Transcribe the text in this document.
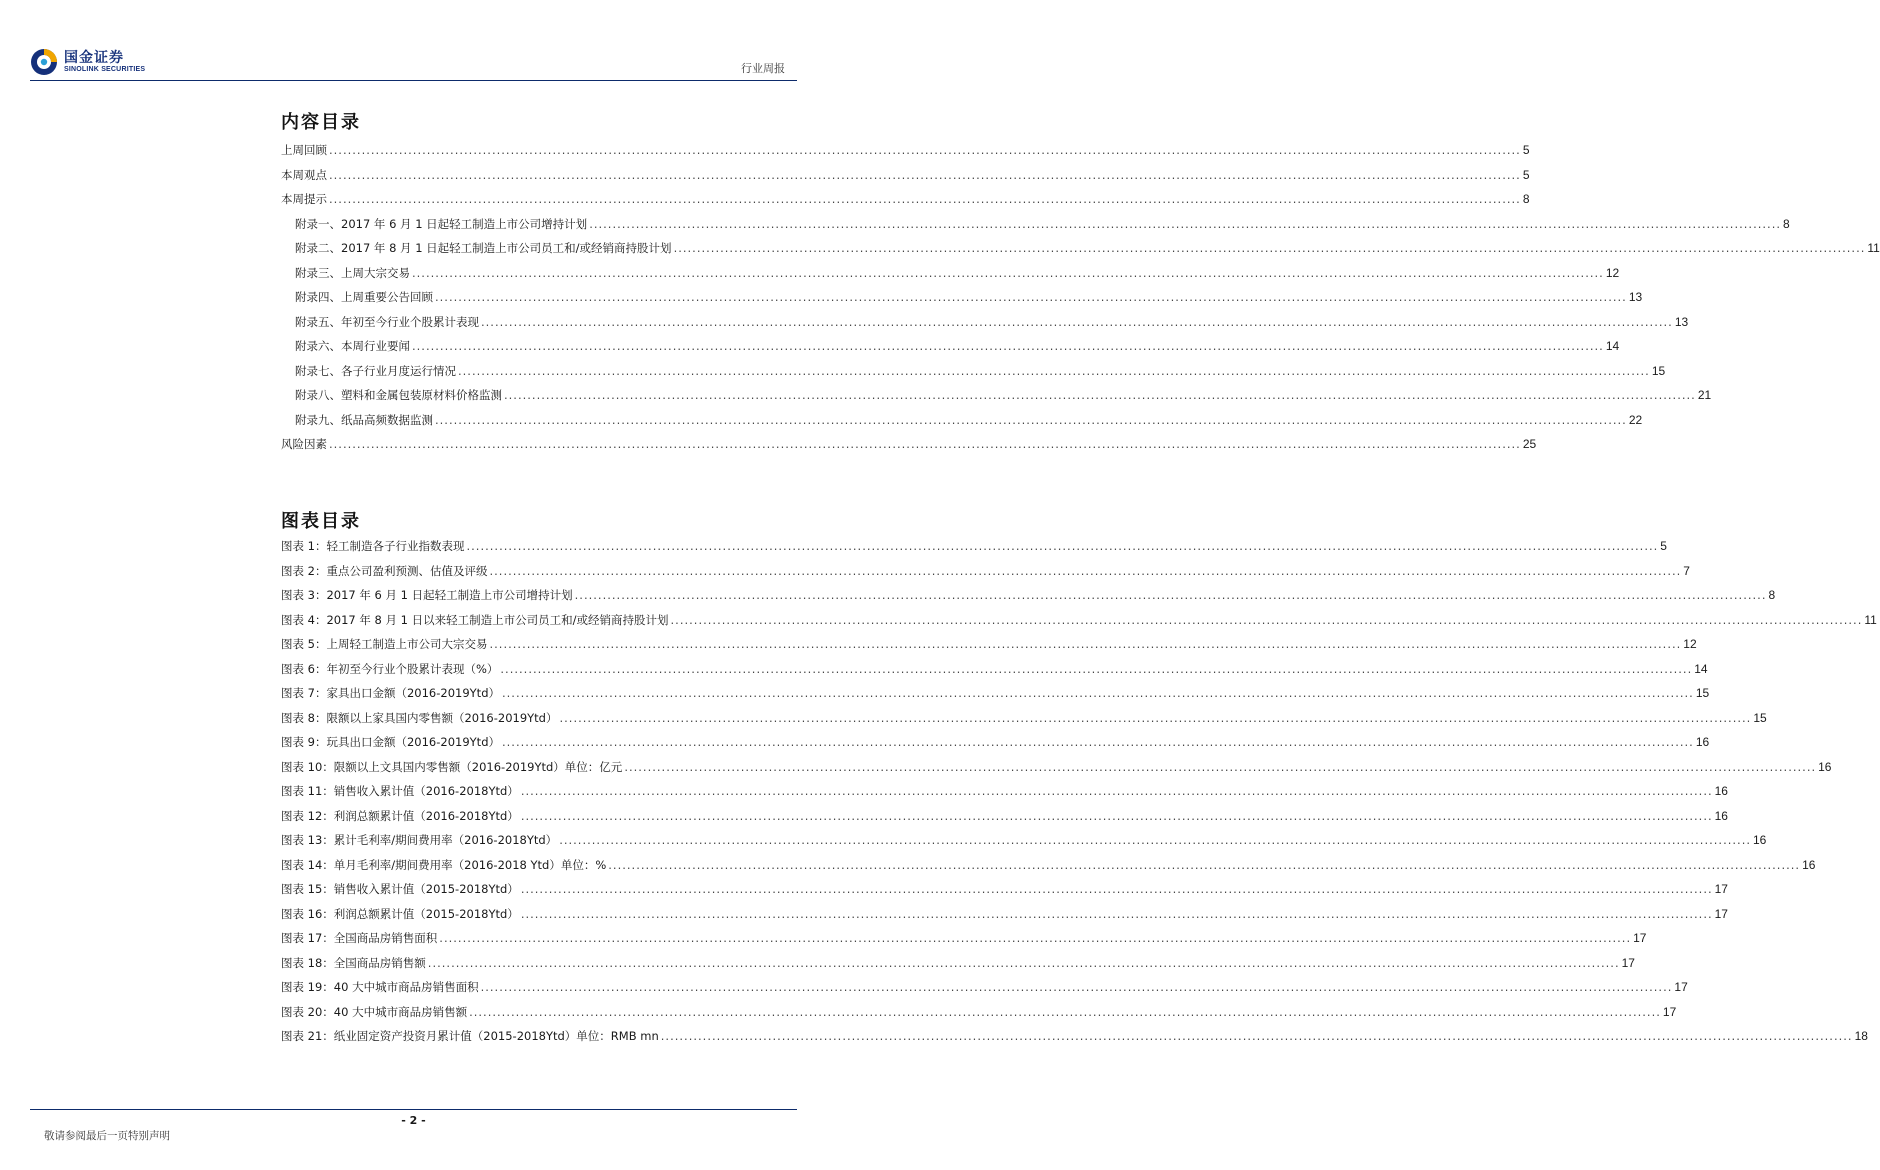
国金证券
SINOLINK SECURITIES	行业周报
内容目录
上周回顾 .....	5
本周观点 .....	5
本周提示 .....	8
附录一、2017 年 6 月 1 日起轻工制造上市公司增持计划 .....	8
附录二、2017 年 8 月 1 日起轻工制造上市公司员工和/或经销商持股计划 .....	11
附录三、上周大宗交易 .....	12
附录四、上周重要公告回顾 .....	13
附录五、年初至今行业个股累计表现 .....	13
附录六、本周行业要闻 .....	14
附录七、各子行业月度运行情况 .....	15
附录八、塑料和金属包装原材料价格监测 .....	21
附录九、纸品高频数据监测 .....	22
风险因素 .....	25
图表目录
图表 1：轻工制造各子行业指数表现 .....	5
图表 2：重点公司盈利预测、估值及评级 .....	7
图表 3：2017 年 6 月 1 日起轻工制造上市公司增持计划 .....	8
图表 4：2017 年 8 月 1 日以来轻工制造上市公司员工和/或经销商持股计划 .....	11
图表 5：上周轻工制造上市公司大宗交易 .....	12
图表 6：年初至今行业个股累计表现（%） .....	14
图表 7：家具出口金额（2016-2019Ytd） .....	15
图表 8：限额以上家具国内零售额（2016-2019Ytd） .....	15
图表 9：玩具出口金额（2016-2019Ytd） .....	16
图表 10：限额以上文具国内零售额（2016-2019Ytd）单位：亿元 .....	16
图表 11：销售收入累计值（2016-2018Ytd） .....	16
图表 12：利润总额累计值（2016-2018Ytd） .....	16
图表 13：累计毛利率/期间费用率（2016-2018Ytd） .....	16
图表 14：单月毛利率/期间费用率（2016-2018 Ytd）单位：% .....	16
图表 15：销售收入累计值（2015-2018Ytd） .....	17
图表 16：利润总额累计值（2015-2018Ytd） .....	17
图表 17：全国商品房销售面积 .....	17
图表 18：全国商品房销售额 .....	17
图表 19：40 大中城市商品房销售面积 .....	17
图表 20：40 大中城市商品房销售额 .....	17
图表 21：纸业固定资产投资月累计值（2015-2018Ytd）单位：RMB mn .....	18
- 2 -
敬请参阅最后一页特别声明
